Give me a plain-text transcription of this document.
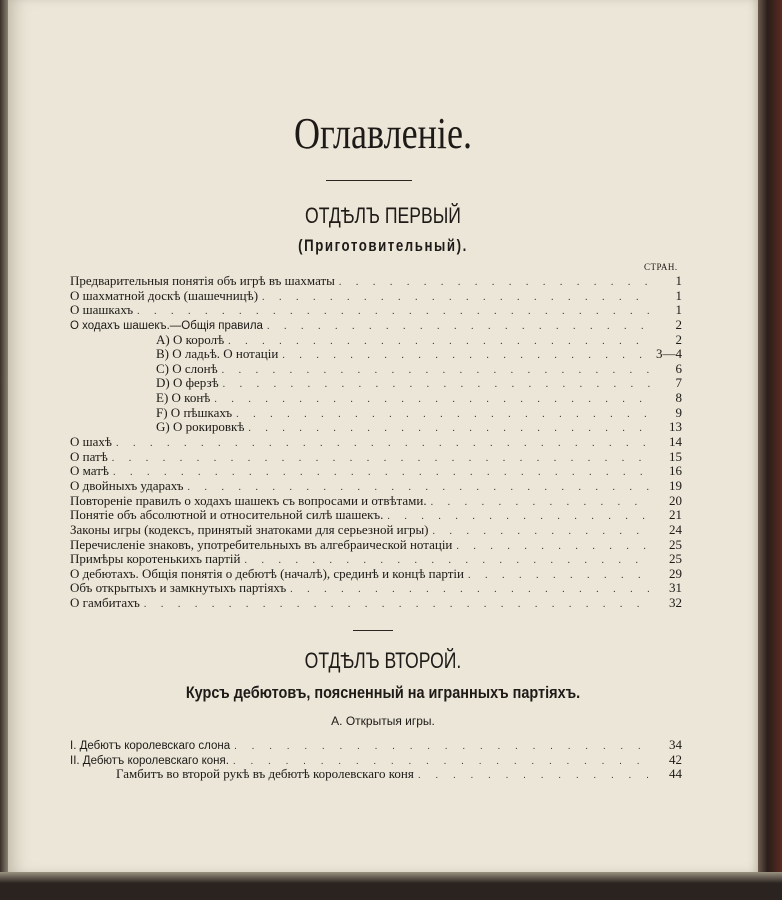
Оглавленіе.
ОТДѢЛЪ ПЕРВЫЙ
(Приготовительный).
СТРАН.
Предварительныя понятія объ игрѣ въ шахматы . . .	1
О шахматной доскѣ (шашечницѣ) . . .	1
О шашкахъ . . .	1
О ходахъ шашекъ.—Общія правила . . .	2
A) О королѣ . . .	2
B) О ладьѣ. О нотаціи . . .	3—4
C) О слонѣ . . .	6
D) О ферзѣ . . .	7
E) О конѣ . . .	8
F) О пѣшкахъ . . .	9
G) О рокировкѣ . . .	13
О шахѣ . . .	14
О патѣ . . .	15
О матѣ . . .	16
О двойныхъ ударахъ . . .	19
Повтореніе правилъ о ходахъ шашекъ съ вопросами и отвѣтами. . . .	20
Понятіе объ абсолютной и относительной силѣ шашекъ. . . .	21
Законы игры (кодексъ, принятый знатоками для серьезной игры) . . .	24
Перечисленіе знаковъ, употребительныхъ въ алгебраической нотаціи . . .	25
Примѣры коротенькихъ партій . . .	25
О дебютахъ. Общія понятія о дебютѣ (началѣ), срединѣ и концѣ партіи . . .	29
Объ открытыхъ и замкнутыхъ партіяхъ . . .	31
О гамбитахъ . . .	32
ОТДѢЛЪ ВТОРОЙ.
Курсъ дебютовъ, поясненный на игранныхъ партіяхъ.
А. Открытыя игры.
I. Дебютъ королевскаго слона . . .	34
II. Дебютъ королевскаго коня. . . .	42
Гамбитъ во второй рукѣ въ дебютѣ королевскаго коня . . .	44
